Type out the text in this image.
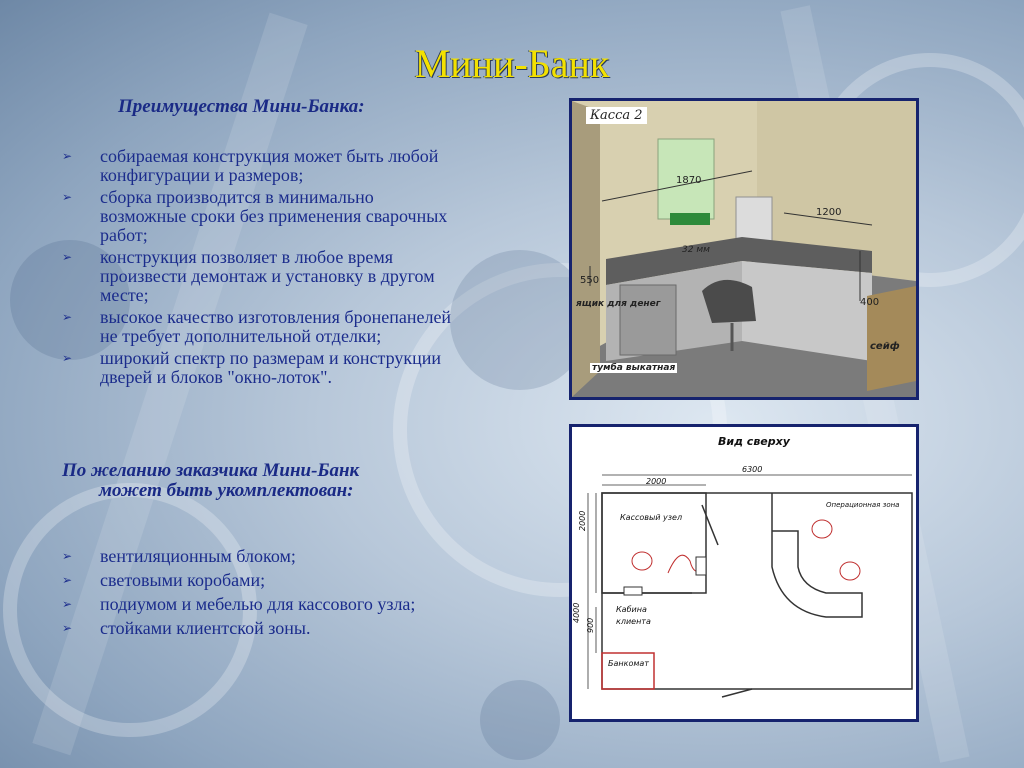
Мини-Банк
Преимущества Мини-Банка:
➢ собираемая конструкция может быть любой конфигурации и размеров;
➢ сборка производится в минимально возможные сроки без применения сварочных работ;
➢ конструкция позволяет в любое время произвести демонтаж и установку в другом месте;
➢ высокое качество изготовления бронепанелей не требует дополнительной отделки;
➢ широкий спектр по размерам и конструкции дверей и блоков "окно-лоток".
По желанию заказчика Мини-Банк
может быть укомплектован:
➢ вентиляционным блоком;
➢ световыми коробами;
➢ подиумом и мебелью для кассового узла;
➢ стойками клиентской зоны.
Касса 2
1870
1200
32 мм
550
400
ящик для денег
тумба выкатная
сейф
Вид сверху
6300
2000
2000
4000
900
Кассовый узел
Операционная зона
Кабина
клиента
Банкомат
